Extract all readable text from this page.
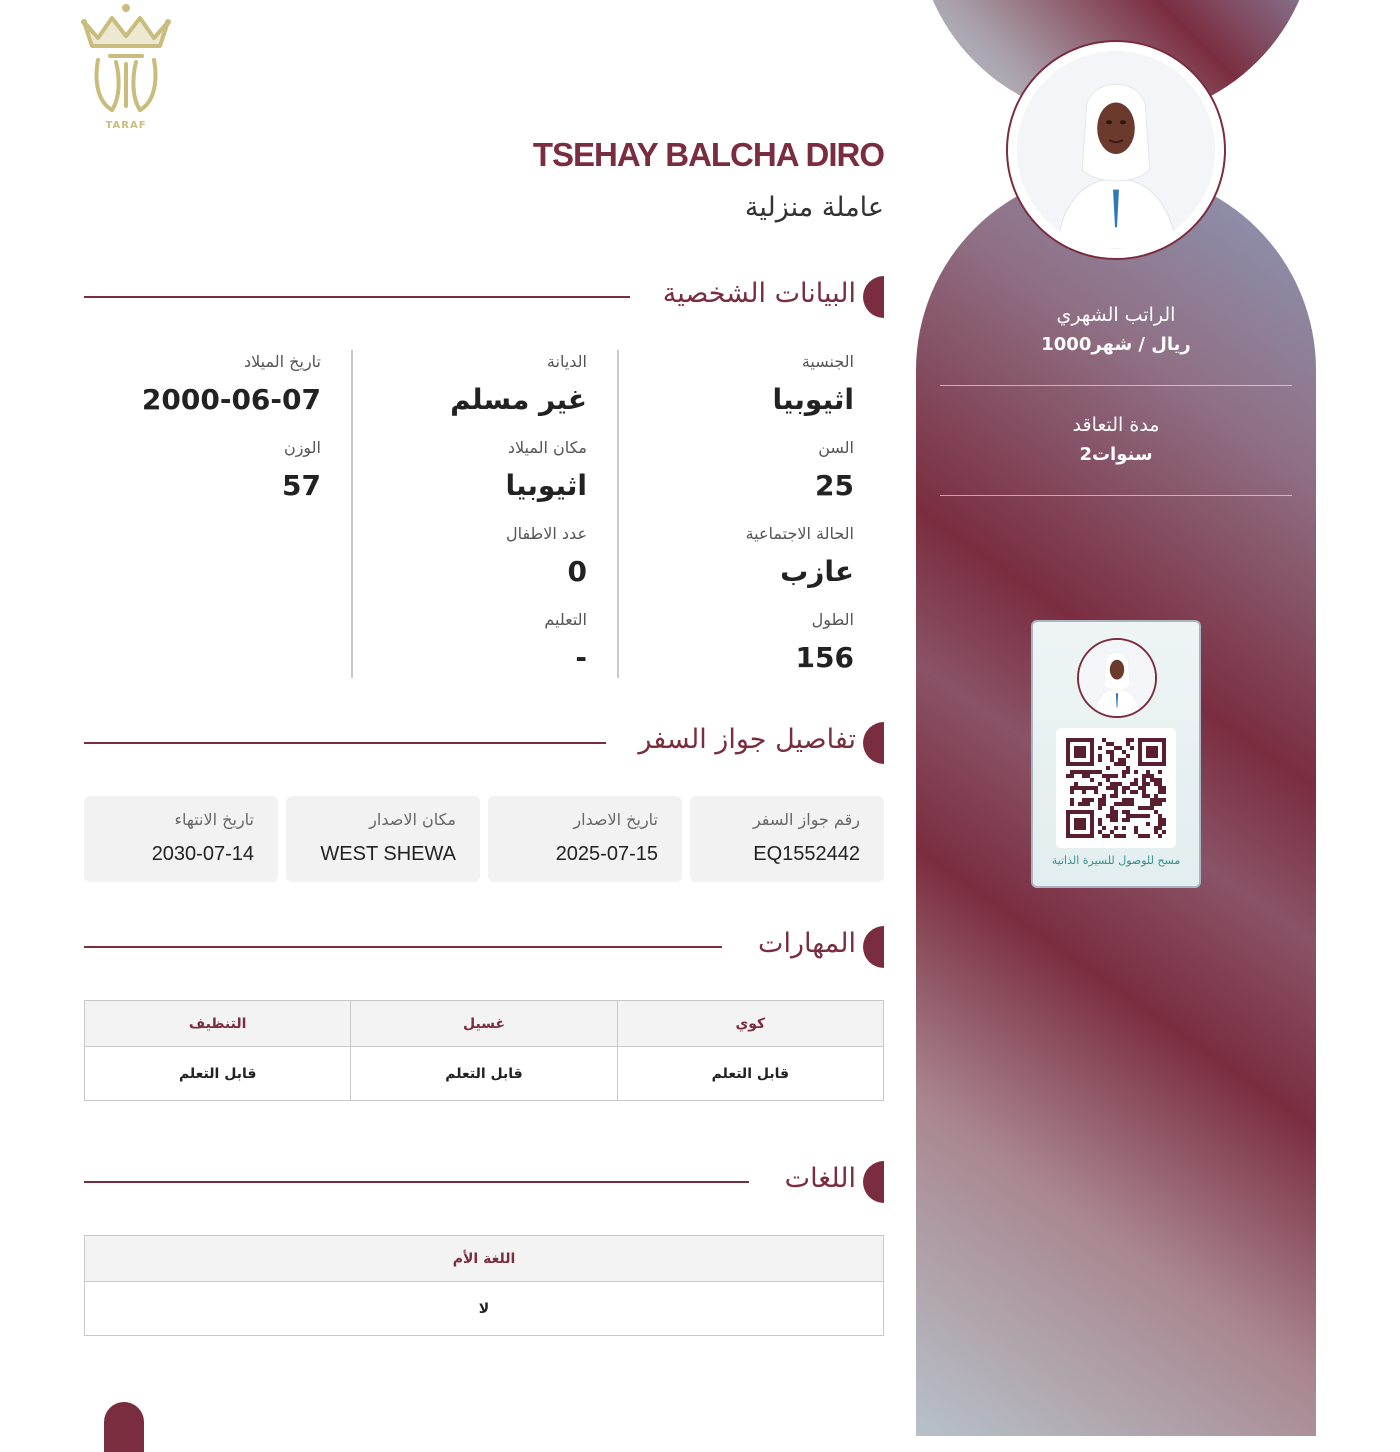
الراتب الشهري
1000ريال / شهر
مدة التعاقد
2سنوات
مسح للوصول للسيرة الذاتية
TARAF
TSEHAY BALCHA DIRO
عاملة منزلية
البيانات الشخصية
الجنسية
اثيوبيا
السن
25
الحالة الاجتماعية
عازب
الطول
156
الديانة
غير مسلم
مكان الميلاد
اثيوبيا
عدد الاطفال
0
التعليم
-
تاريخ الميلاد
2000-06-07
الوزن
57
تفاصيل جواز السفر
رقم جواز السفر
EQ1552442
تاريخ الاصدار
2025-07-15
مكان الاصدار
WEST SHEWA
تاريخ الانتهاء
2030-07-14
المهارات
كوي	غسيل	التنظيف
قابل التعلم	قابل التعلم	قابل التعلم
اللغات
اللغة الأم
لا
